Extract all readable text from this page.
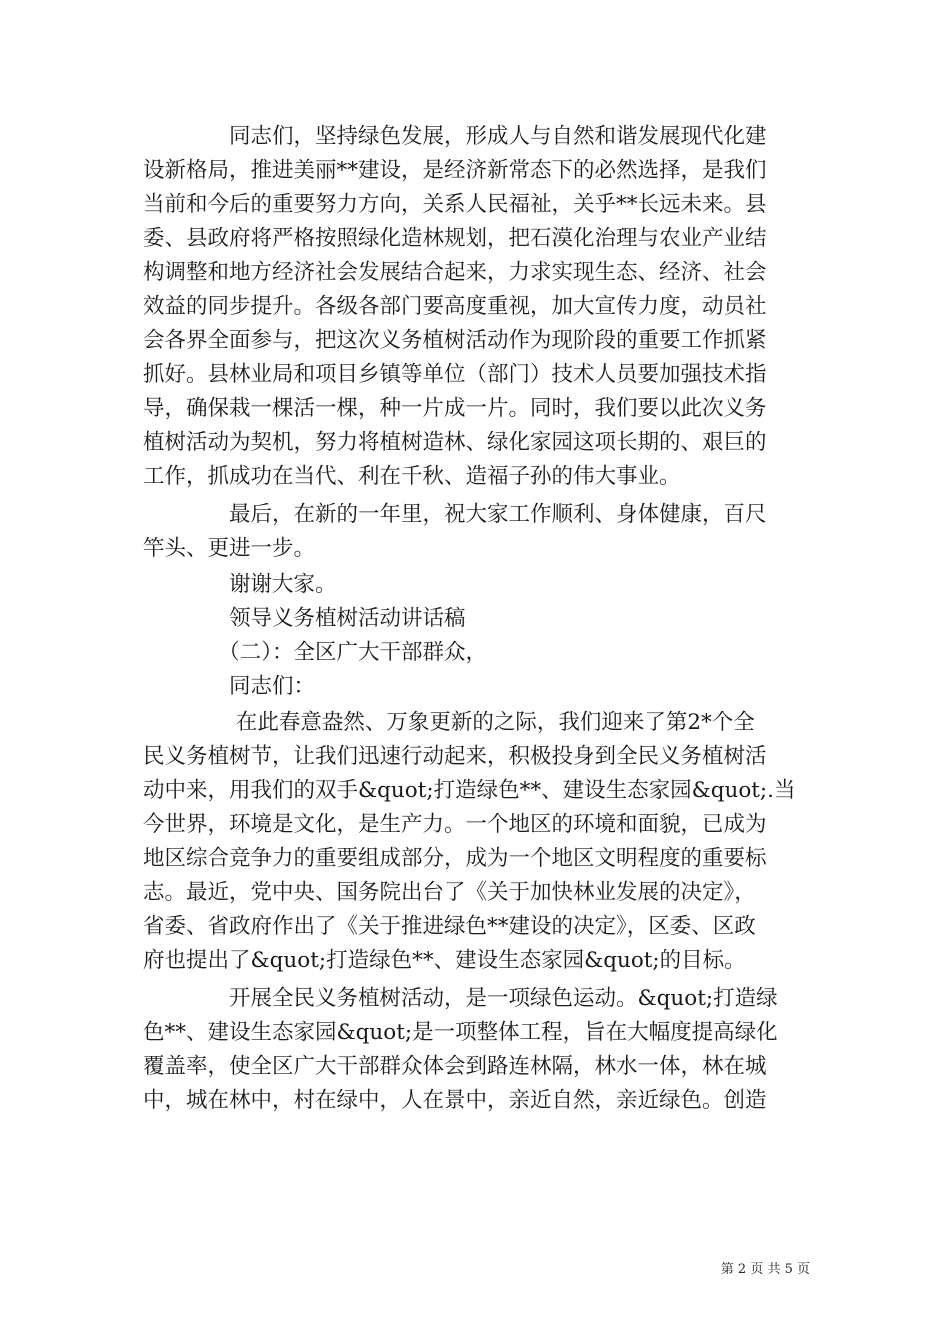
　　　　同志们，坚持绿色发展，形成人与自然和谐发展现代化建
设新格局，推进美丽**建设，是经济新常态下的必然选择，是我们
当前和今后的重要努力方向，关系人民福祉，关乎**长远未来。县
委、县政府将严格按照绿化造林规划，把石漠化治理与农业产业结
构调整和地方经济社会发展结合起来，力求实现生态、经济、社会
效益的同步提升。各级各部门要高度重视，加大宣传力度，动员社
会各界全面参与，把这次义务植树活动作为现阶段的重要工作抓紧
抓好。县林业局和项目乡镇等单位（部门）技术人员要加强技术指
导，确保栽一棵活一棵，种一片成一片。同时，我们要以此次义务
植树活动为契机，努力将植树造林、绿化家园这项长期的、艰巨的
工作，抓成功在当代、利在千秋、造福子孙的伟大事业。
　　　　最后，在新的一年里，祝大家工作顺利、身体健康，百尺
竿头、更进一步。
　　　　谢谢大家。
　　　　领导义务植树活动讲话稿
　　　　（二）：全区广大干部群众，
　　　　同志们：
　　　　 在此春意盎然、万象更新的之际，我们迎来了第2*个全
民义务植树节，让我们迅速行动起来，积极投身到全民义务植树活
动中来，用我们的双手&quot;打造绿色**、建设生态家园&quot;.当
今世界，环境是文化，是生产力。一个地区的环境和面貌，已成为
地区综合竞争力的重要组成部分，成为一个地区文明程度的重要标
志。最近，党中央、国务院出台了《关于加快林业发展的决定》，
省委、省政府作出了《关于推进绿色**建设的决定》，区委、区政
府也提出了&quot;打造绿色**、建设生态家园&quot;的目标。
　　　　开展全民义务植树活动，是一项绿色运动。&quot;打造绿
色**、建设生态家园&quot;是一项整体工程，旨在大幅度提高绿化
覆盖率，使全区广大干部群众体会到路连林隔，林水一体，林在城
中，城在林中，村在绿中，人在景中，亲近自然，亲近绿色。创造
第 2 页 共 5 页
